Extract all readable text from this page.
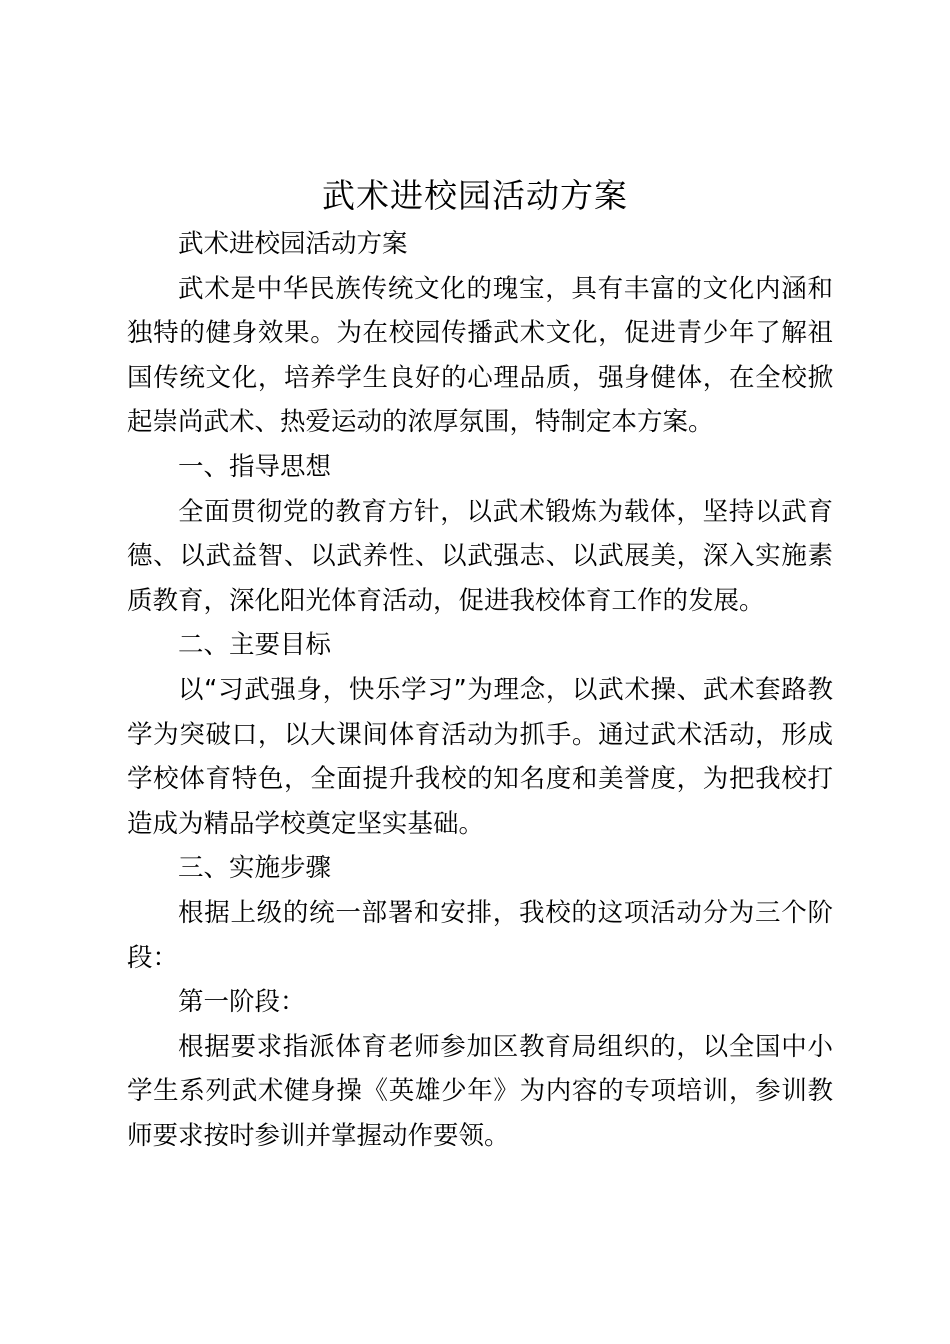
武术进校园活动方案

武术进校园活动方案

武术是中华民族传统文化的瑰宝，具有丰富的文化内涵和独特的健身效果。为在校园传播武术文化，促进青少年了解祖国传统文化，培养学生良好的心理品质，强身健体，在全校掀起崇尚武术、热爱运动的浓厚氛围，特制定本方案。

一、指导思想

全面贯彻党的教育方针，以武术锻炼为载体，坚持以武育德、以武益智、以武养性、以武强志、以武展美，深入实施素质教育，深化阳光体育活动，促进我校体育工作的发展。

二、主要目标

以“习武强身，快乐学习”为理念，以武术操、武术套路教学为突破口，以大课间体育活动为抓手。通过武术活动，形成学校体育特色，全面提升我校的知名度和美誉度，为把我校打造成为精品学校奠定坚实基础。

三、实施步骤

根据上级的统一部署和安排，我校的这项活动分为三个阶段：

第一阶段：

根据要求指派体育老师参加区教育局组织的，以全国中小学生系列武术健身操《英雄少年》为内容的专项培训，参训教师要求按时参训并掌握动作要领。
